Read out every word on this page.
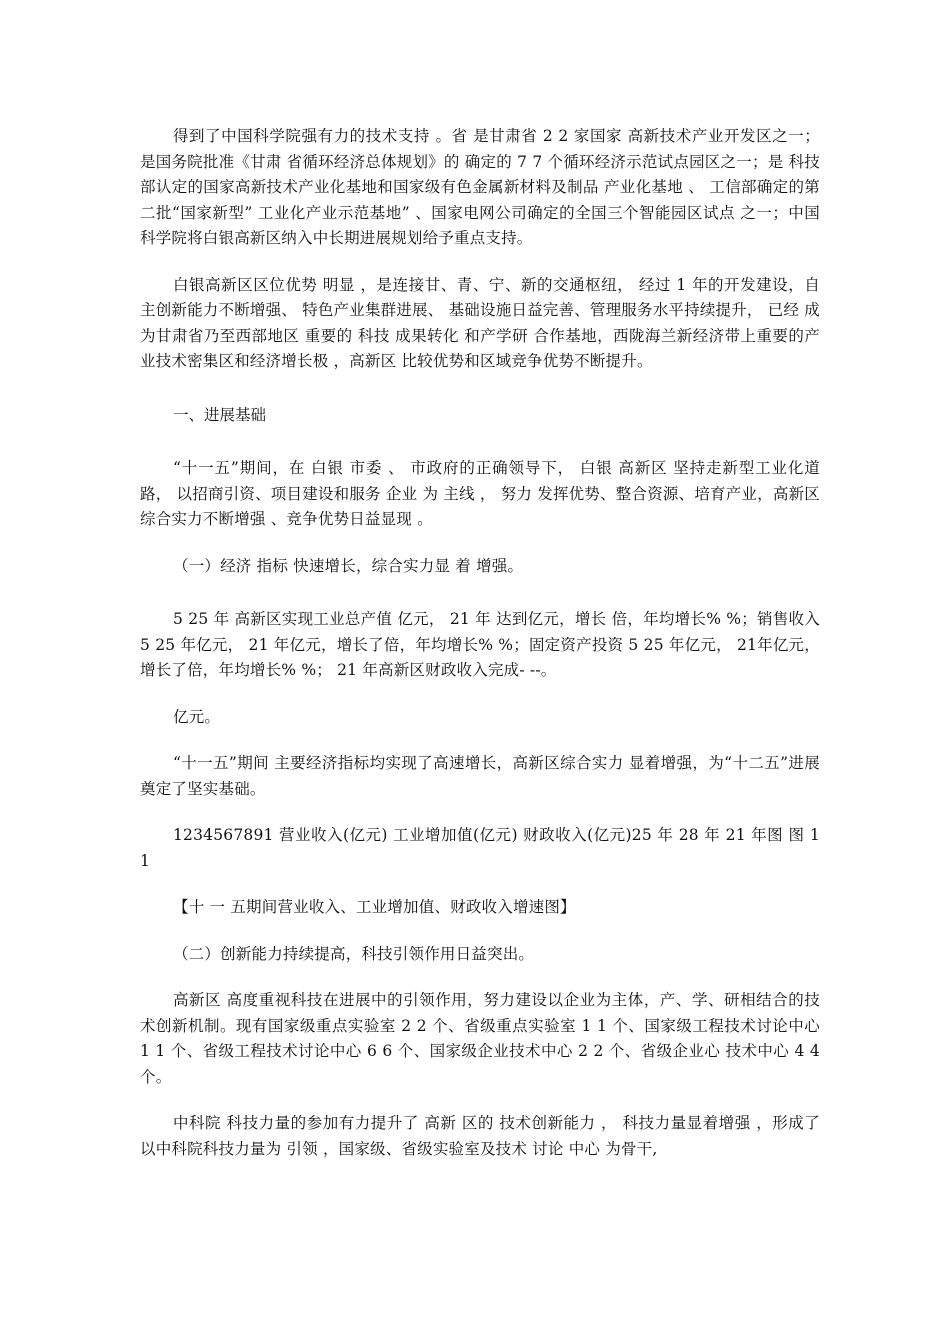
得到了中国科学院强有力的技术支持 。省 是甘肃省 2 2 家国家 高新技术产业开发区之一； 是国务院批准《甘肃 省循环经济总体规划》的 确定的 7 7 个循环经济示范试点园区之一；是 科技部认定的国家高新技术产业化基地和国家级有色金属新材料及制品 产业化基地 、 工信部确定的第二批“国家新型” 工业化产业示范基地” 、国家电网公司确定的全国三个智能园区试点 之一；中国科学院将白银高新区纳入中长期进展规划给予重点支持。

白银高新区区位优势 明显 ，是连接甘、青、宁、新的交通枢纽， 经过 1 年的开发建设，自主创新能力不断增强、 特色产业集群进展、 基础设施日益完善、管理服务水平持续提升， 已经 成为甘肃省乃至西部地区 重要的 科技 成果转化 和产学研 合作基地，西陇海兰新经济带上重要的产业技术密集区和经济增长极 ，高新区 比较优势和区域竞争优势不断提升。

一、进展基础

“十一五”期间，在 白银 市委 、 市政府的正确领导下， 白银 高新区 坚持走新型工业化道路， 以招商引资、项目建设和服务 企业 为 主线 ， 努力 发挥优势、整合资源、培育产业，高新区综合实力不断增强 、竞争优势日益显现 。

（一）经济 指标 快速增长，综合实力显 着 增强。

5 25 年 高新区实现工业总产值 亿元， 21 年 达到亿元，增长 倍，年均增长% %；销售收入 5 25 年亿元， 21 年亿元，增长了倍，年均增长% %；固定资产投资 5 25 年亿元， 21年亿元，增长了倍，年均增长% %； 21 年高新区财政收入完成- --。

亿元。

“十一五”期间 主要经济指标均实现了高速增长，高新区综合实力 显着增强，为“十二五”进展奠定了坚实基础。

1234567891 营业收入(亿元) 工业增加值(亿元) 财政收入(亿元)25 年 28 年 21 年图 图 1 1

【十 一 五期间营业收入、工业增加值、财政收入增速图】

（二）创新能力持续提高，科技引领作用日益突出。

高新区 高度重视科技在进展中的引领作用，努力建设以企业为主体，产、学、研相结合的技术创新机制。现有国家级重点实验室 2 2 个、省级重点实验室 1 1 个、国家级工程技术讨论中心 1 1 个、省级工程技术讨论中心 6 6 个、国家级企业技术中心 2 2 个、省级企业心 技术中心 4 4 个。

中科院 科技力量的参加有力提升了 高新 区的 技术创新能力 ， 科技力量显着增强 ，形成了以中科院科技力量为 引领 ，国家级、省级实验室及技术 讨论 中心 为骨干,
